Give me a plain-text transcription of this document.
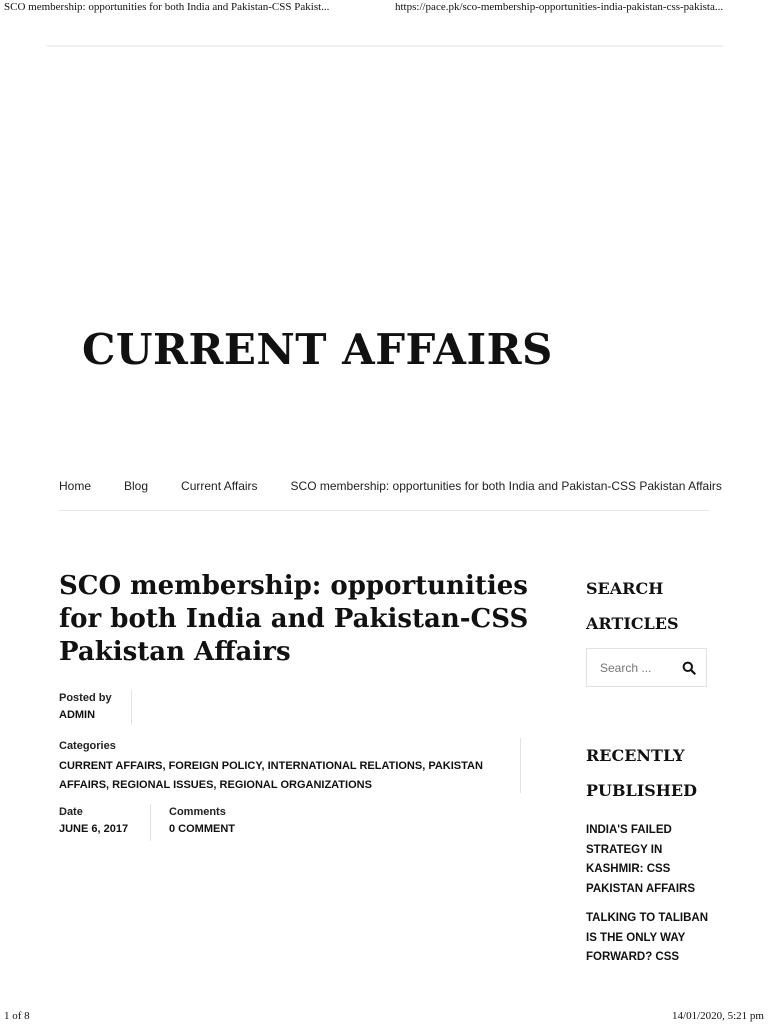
SCO membership: opportunities for both India and Pakistan-CSS Pakist...	https://pace.pk/sco-membership-opportunities-india-pakistan-css-pakista...
CURRENT AFFAIRS
Home	Blog	Current Affairs	SCO membership: opportunities for both India and Pakistan-CSS Pakistan Affairs
SCO membership: opportunities for both India and Pakistan-CSS Pakistan Affairs
Posted by
ADMIN
Categories
CURRENT AFFAIRS, FOREIGN POLICY, INTERNATIONAL RELATIONS, PAKISTAN AFFAIRS, REGIONAL ISSUES, REGIONAL ORGANIZATIONS
Date
JUNE 6, 2017
Comments
0 COMMENT
SEARCH ARTICLES
Search ...
RECENTLY PUBLISHED
INDIA'S FAILED STRATEGY IN KASHMIR: CSS PAKISTAN AFFAIRS
TALKING TO TALIBAN IS THE ONLY WAY FORWARD? CSS
1 of 8	14/01/2020, 5:21 pm
